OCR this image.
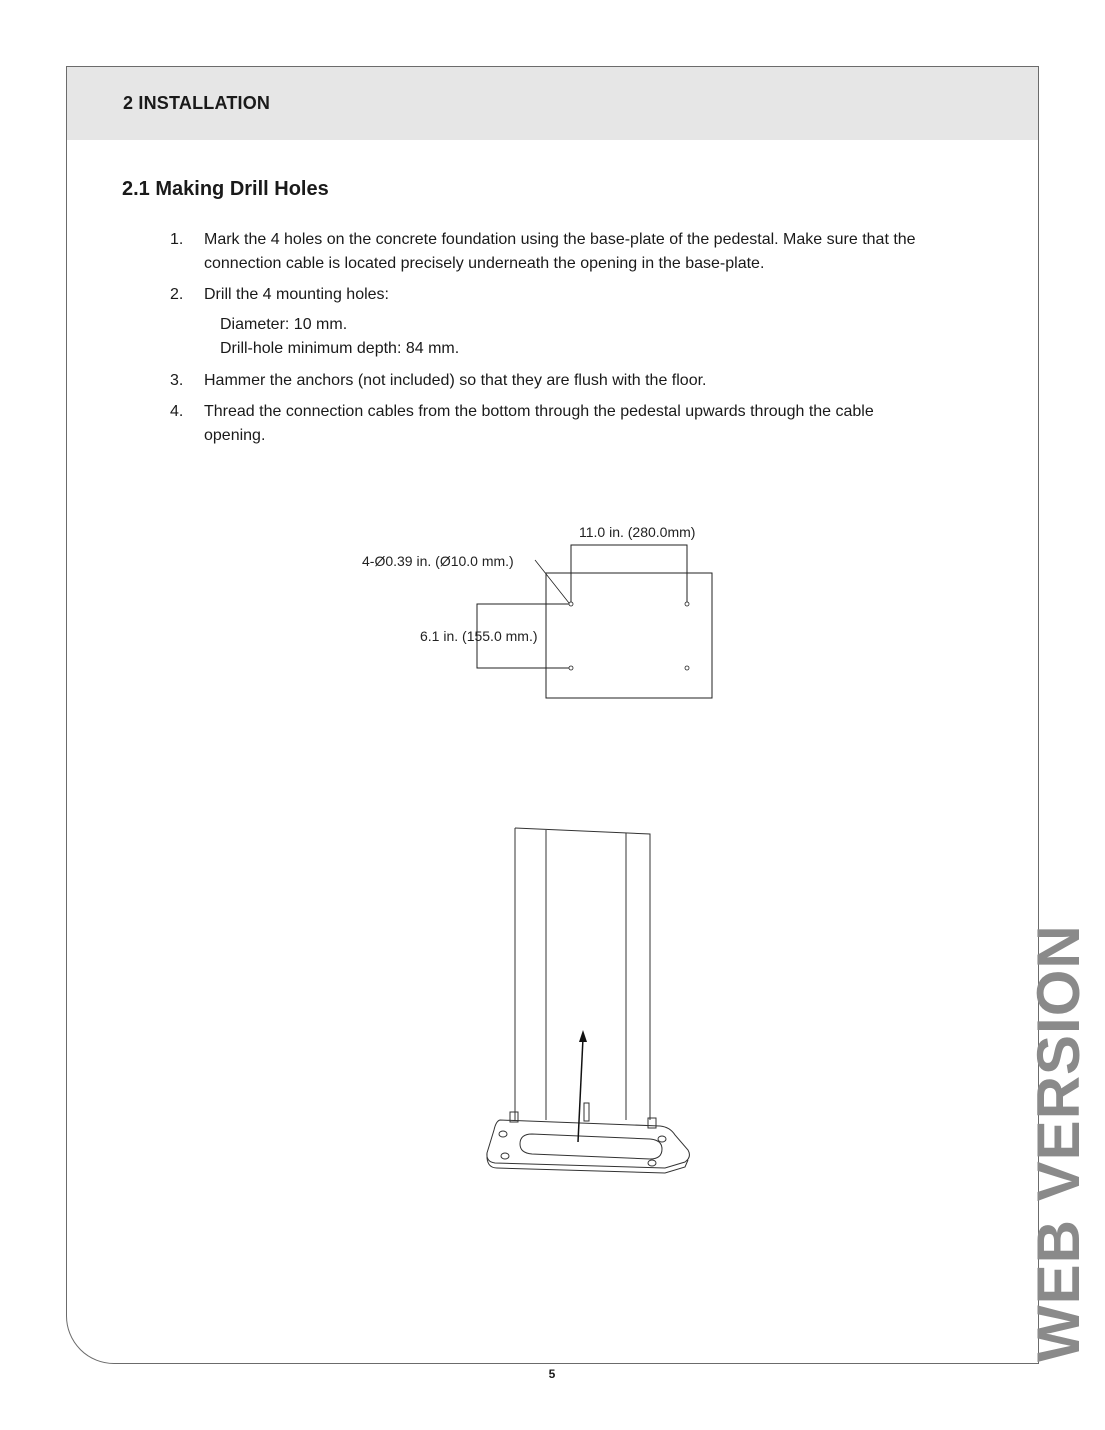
2 INSTALLATION
2.1 Making Drill Holes
1. Mark the 4 holes on the concrete foundation using the base-plate of the pedestal. Make sure that the connection cable is located precisely underneath the opening in the base-plate.
2. Drill the 4 mounting holes:
Diameter: 10 mm.
Drill-hole minimum depth: 84 mm.
3. Hammer the anchors (not included) so that they are flush with the floor.
4. Thread the connection cables from the bottom through the pedestal upwards through the cable opening.
11.0 in. (280.0mm)
4-Ø0.39 in. (Ø10.0 mm.)
6.1 in. (155.0 mm.)
5
WEB VERSION
